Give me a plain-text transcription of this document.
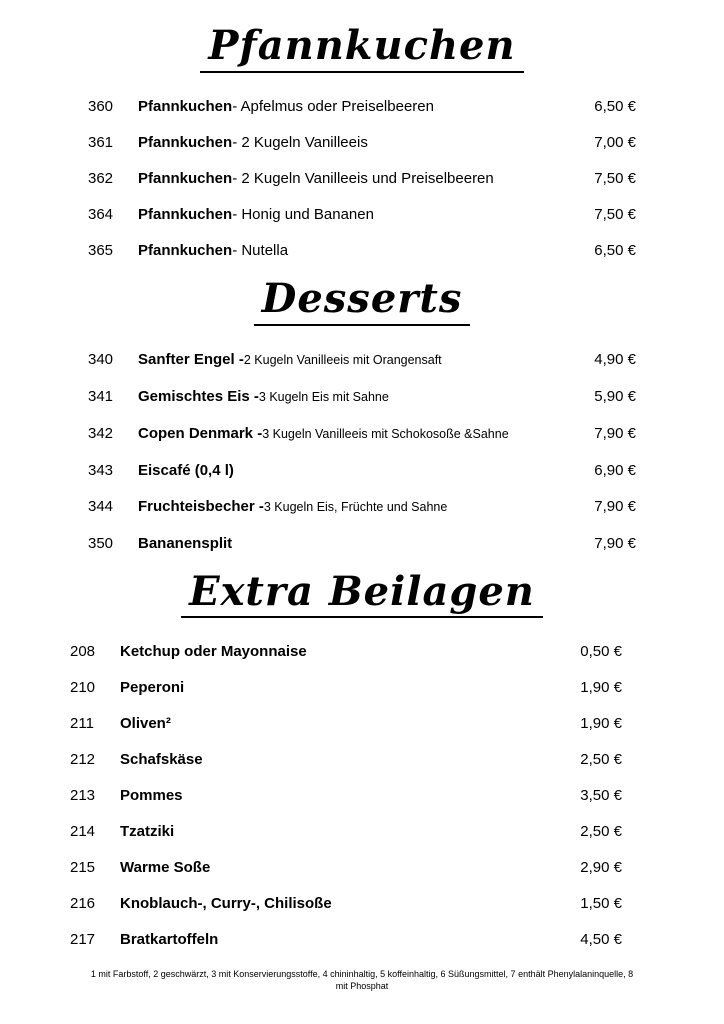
Pfannkuchen
360	Pfannkuchen - Apfelmus oder Preiselbeeren	6,50 €
361	Pfannkuchen - 2 Kugeln Vanilleeis	7,00 €
362	Pfannkuchen - 2 Kugeln Vanilleeis und Preiselbeeren	7,50 €
364	Pfannkuchen - Honig und Bananen	7,50 €
365	Pfannkuchen - Nutella	6,50 €
Desserts
340	Sanfter Engel - 2 Kugeln Vanilleeis mit Orangensaft	4,90 €
341	Gemischtes Eis - 3 Kugeln Eis mit Sahne	5,90 €
342	Copen Denmark - 3 Kugeln Vanilleeis mit Schokosoße &Sahne	7,90 €
343	Eiscafé (0,4 l)	6,90 €
344	Fruchteisbecher - 3 Kugeln Eis, Früchte und Sahne	7,90 €
350	Bananensplit	7,90 €
Extra Beilagen
208	Ketchup oder Mayonnaise	0,50 €
210	Peperoni	1,90 €
211	Oliven²	1,90 €
212	Schafskäse	2,50 €
213	Pommes	3,50 €
214	Tzatziki	2,50 €
215	Warme Soße	2,90 €
216	Knoblauch-, Curry-, Chilisoße	1,50 €
217	Bratkartoffeln	4,50 €
1 mit Farbstoff, 2 geschwärzt, 3 mit Konservierungsstoffe, 4 chininhaltig, 5 koffeinhaltig, 6 Süßungsmittel, 7 enthält Phenylalaninquelle, 8 mit Phosphat
